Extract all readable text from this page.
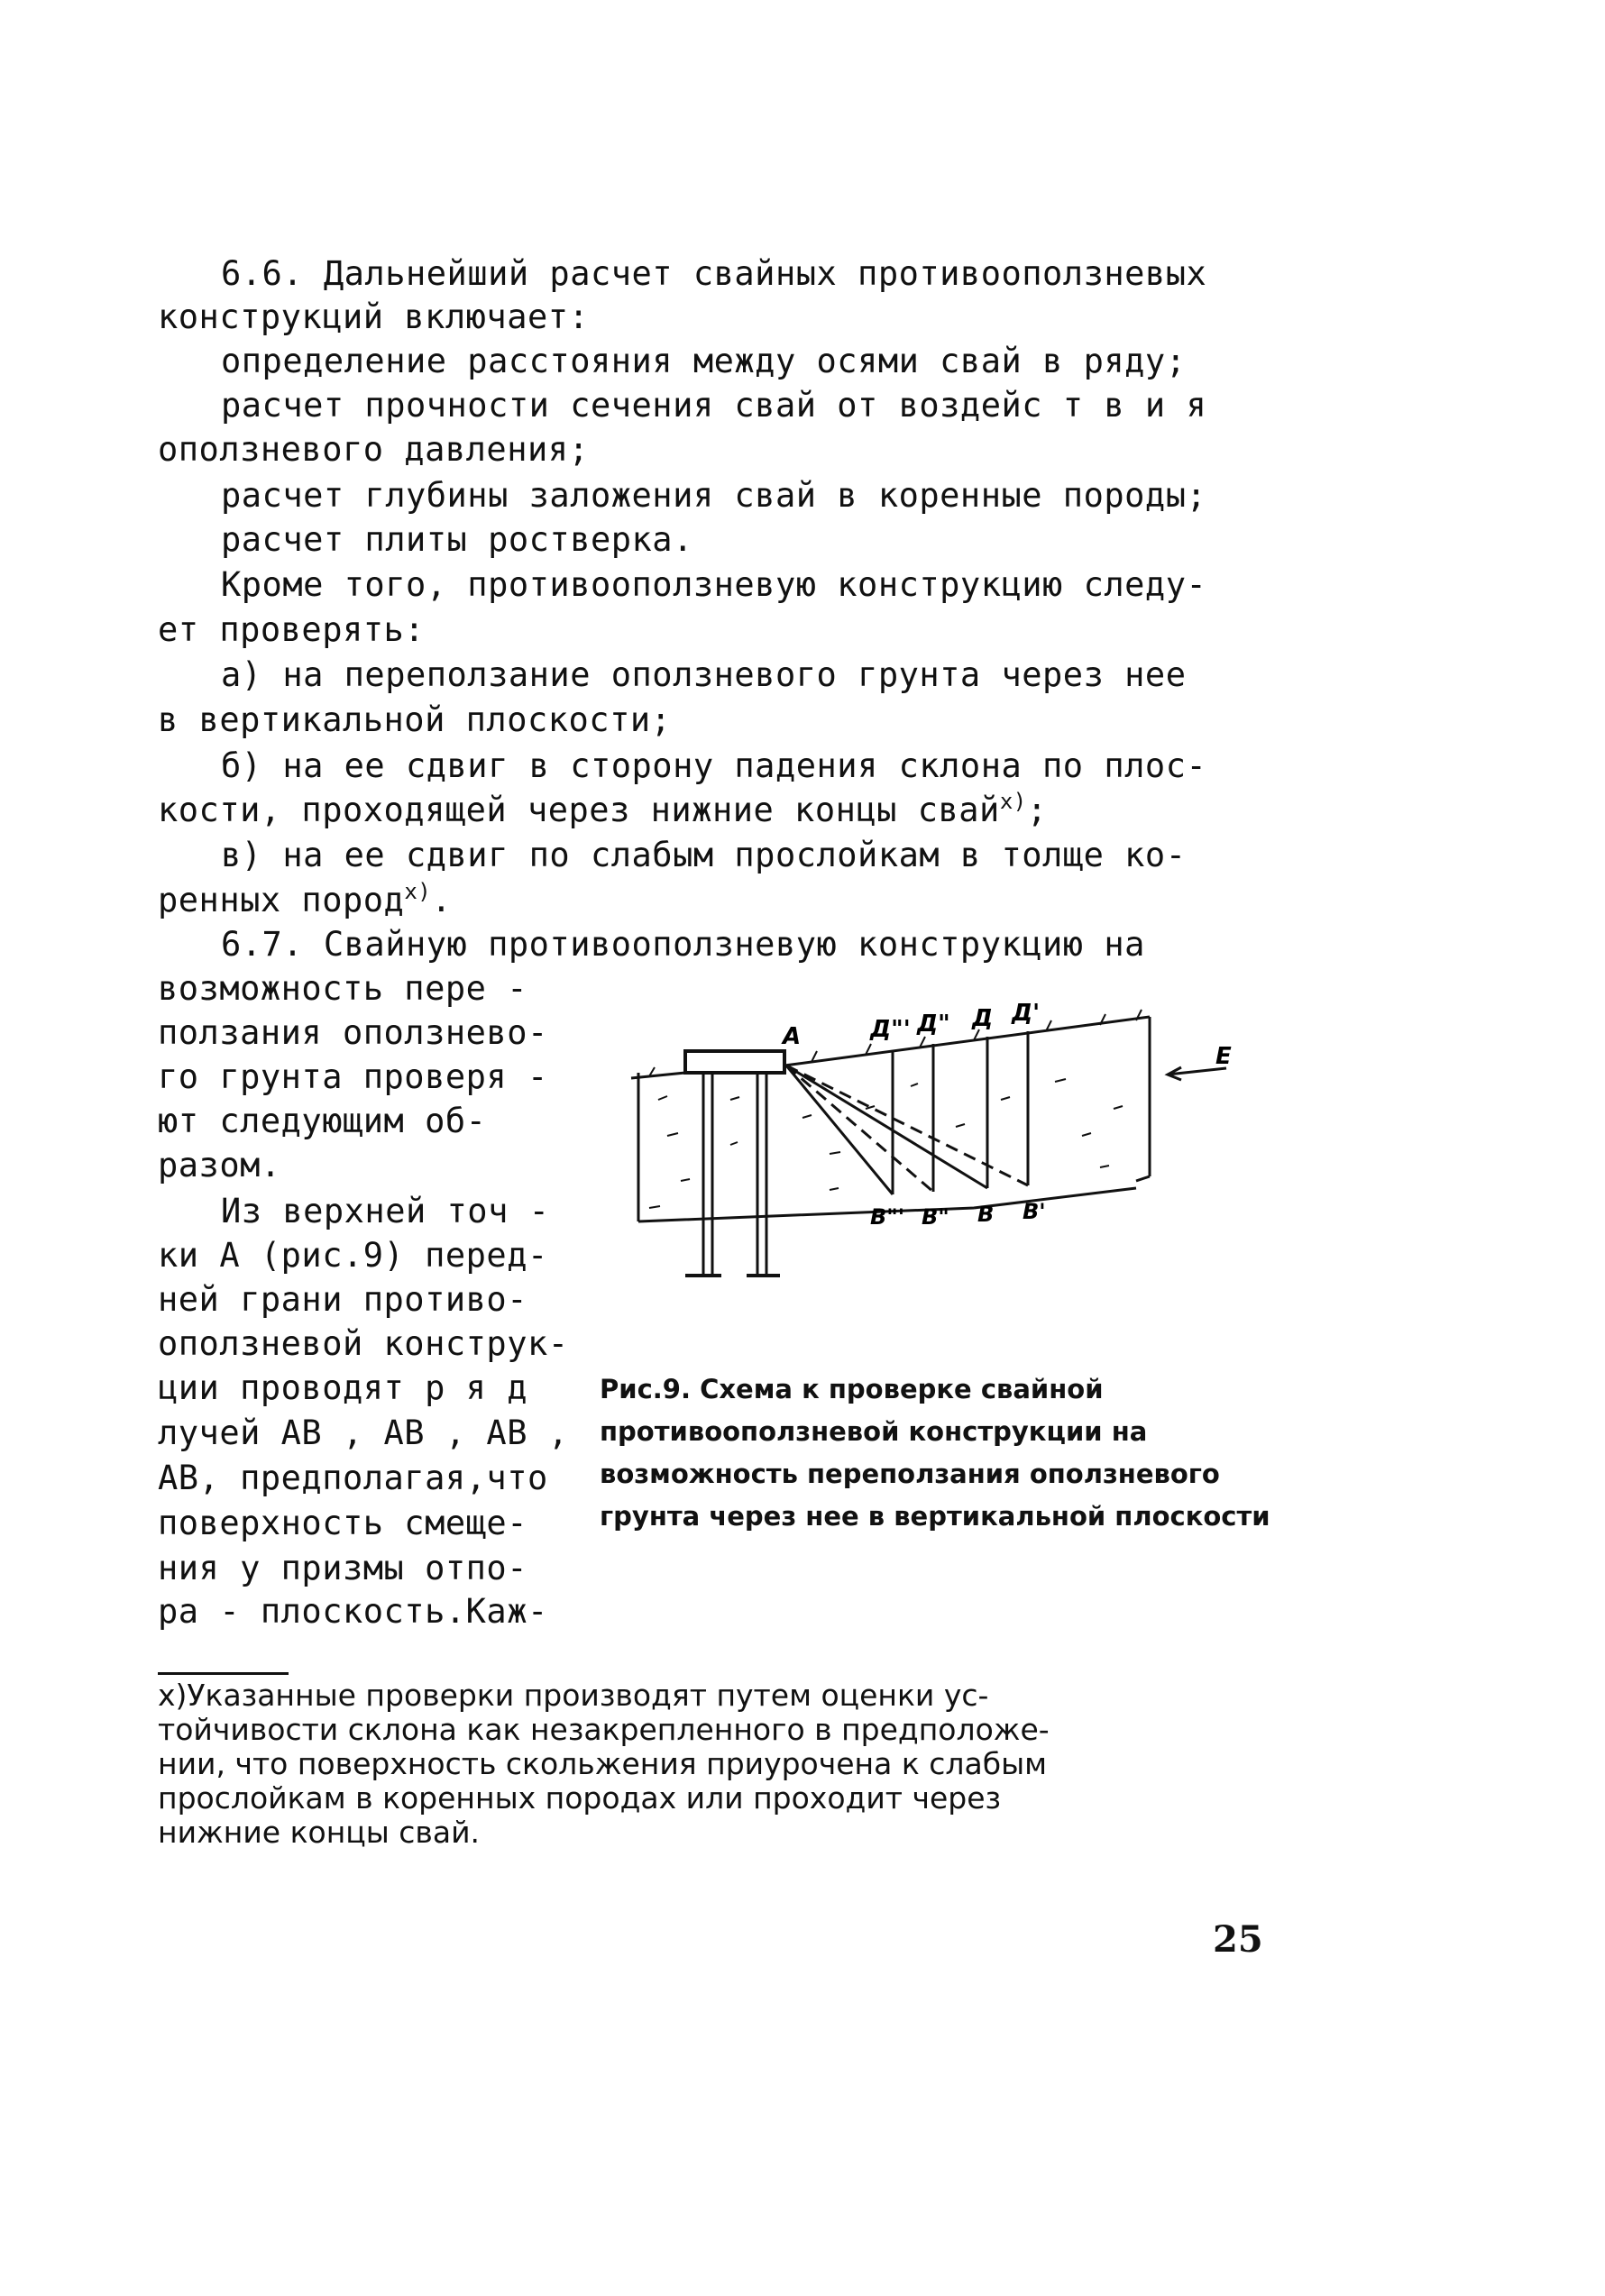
6.6. Дальнейший расчет свайных противооползневых
конструкций включает:
определение расстояния между осями свай в ряду;
расчет прочности сечения свай от воздейс т в и я
оползневого давления;
расчет глубины заложения свай в коренные породы;
расчет плиты ростверка.
Кроме того, противооползневую конструкцию следу-
ет проверять:
а) на переползание оползневого грунта через нее
в вертикальной плоскости;
б) на ее сдвиг в сторону падения склона по плос-
кости, проходящей через нижние концы свай$^{х)}$;
в) на ее сдвиг по слабым прослойкам в толще ко-
ренных пород$^{х)}$.
6.7. Свайную противооползневую конструкцию на
возможность пере -
ползания оползнево-
го грунта проверя -
ют следующим об-
разом.
Из верхней точ -
ки А (рис.9) перед-
ней грани противо-
оползневой конструк-
ции проводят р я д
лучей АВ , АВ , АВ ,
АВ, предполагая,что
поверхность смеще-
ния у призмы отпо-
ра - плоскость.Каж-
А	Д"' Д" Д Д'
В"' В" В В'
Е
Рис.9. Схема к проверке свайной противооползневой конструкции на возможность переползания оползневого грунта через нее в вертикальной плоскости
х)Указанные проверки производят путем оценки ус-
тойчивости склона как незакрепленного в предположе-
нии, что поверхность скольжения приурочена к слабым
прослойкам в коренных породах или проходит через
нижние концы свай.
25
